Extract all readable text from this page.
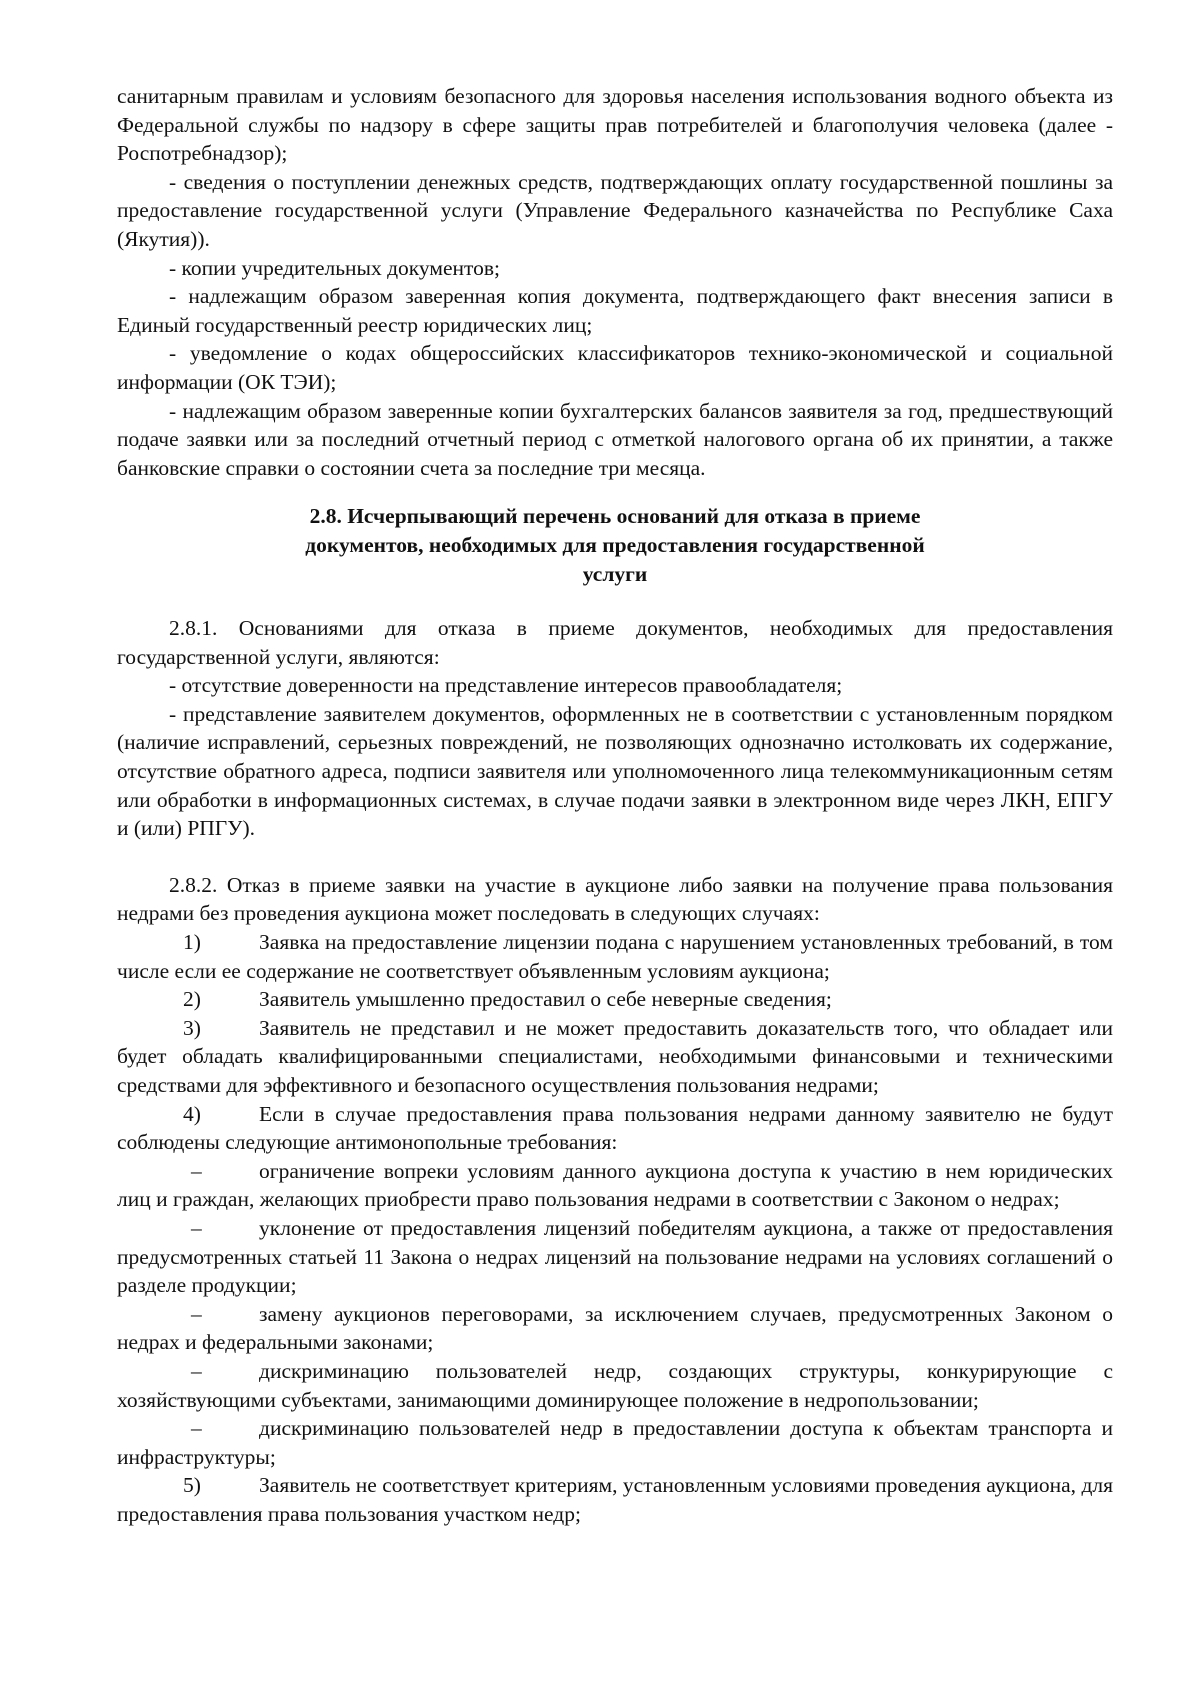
санитарным правилам и условиям безопасного для здоровья населения использования водного объекта из Федеральной службы по надзору в сфере защиты прав потребителей и благополучия человека (далее - Роспотребнадзор);

- сведения о поступлении денежных средств, подтверждающих оплату государственной пошлины за предоставление государственной услуги (Управление Федерального казначейства по Республике Саха (Якутия)).

- копии учредительных документов;

- надлежащим образом заверенная копия документа, подтверждающего факт внесения записи в Единый государственный реестр юридических лиц;

- уведомление о кодах общероссийских классификаторов технико-экономической и социальной информации (ОК ТЭИ);

- надлежащим образом заверенные копии бухгалтерских балансов заявителя за год, предшествующий подаче заявки или за последний отчетный период с отметкой налогового органа об их принятии, а также банковские справки о состоянии счета за последние три месяца.

2.8. Исчерпывающий перечень оснований для отказа в приеме
документов, необходимых для предоставления государственной
услуги

2.8.1. Основаниями для отказа в приеме документов, необходимых для предоставления государственной услуги, являются:

- отсутствие доверенности на представление интересов правообладателя;

- представление заявителем документов, оформленных не в соответствии с установленным порядком (наличие исправлений, серьезных повреждений, не позволяющих однозначно истолковать их содержание, отсутствие обратного адреса, подписи заявителя или уполномоченного лица телекоммуникационным сетям или обработки в информационных системах, в случае подачи заявки в электронном виде через ЛКН, ЕПГУ и (или) РПГУ).

2.8.2. Отказ в приеме заявки на участие в аукционе либо заявки на получение права пользования недрами без проведения аукциона может последовать в следующих случаях:

1)	Заявка на предоставление лицензии подана с нарушением установленных требований, в том числе если ее содержание не соответствует объявленным условиям аукциона;

2)	Заявитель умышленно предоставил о себе неверные сведения;

3)	Заявитель не представил и не может предоставить доказательств того, что обладает или будет обладать квалифицированными специалистами, необходимыми финансовыми и техническими средствами для эффективного и безопасного осуществления пользования недрами;

4)	Если в случае предоставления права пользования недрами данному заявителю не будут соблюдены следующие антимонопольные требования:

–	ограничение вопреки условиям данного аукциона доступа к участию в нем юридических лиц и граждан, желающих приобрести право пользования недрами в соответствии с Законом о недрах;

–	уклонение от предоставления лицензий победителям аукциона, а также от предоставления предусмотренных статьей 11 Закона о недрах лицензий на пользование недрами на условиях соглашений о разделе продукции;

–	замену аукционов переговорами, за исключением случаев, предусмотренных Законом о недрах и федеральными законами;

–	дискриминацию пользователей недр, создающих структуры, конкурирующие с хозяйствующими субъектами, занимающими доминирующее положение в недропользовании;

–	дискриминацию пользователей недр в предоставлении доступа к объектам транспорта и инфраструктуры;

5)	Заявитель не соответствует критериям, установленным условиями проведения аукциона, для предоставления права пользования участком недр;
